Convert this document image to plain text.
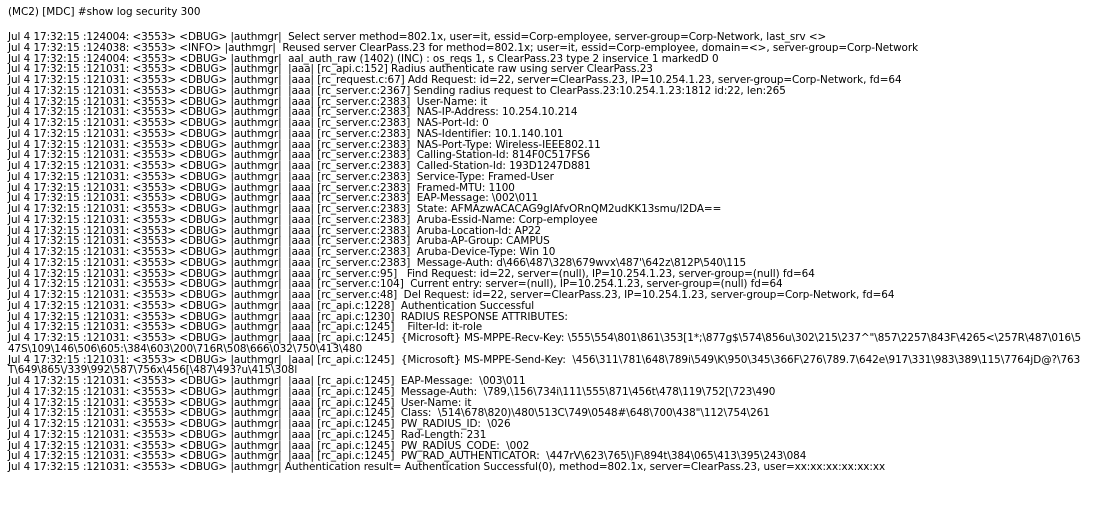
(MC2) [MDC] #show log security 300
Jul 4 17:32:15 :124004: <3553> <DBUG> |authmgr|  Select server method=802.1x, user=it, essid=Corp-employee, server-group=Corp-Network, last_srv <>
Jul 4 17:32:15 :124038: <3553> <INFO> |authmgr|  Reused server ClearPass.23 for method=802.1x; user=it, essid=Corp-employee, domain=<>, server-group=Corp-Network
Jul 4 17:32:15 :124004: <3553> <DBUG> |authmgr|  aal_auth_raw (1402) (INC) : os_reqs 1, s ClearPass.23 type 2 inservice 1 markedD 0
Jul 4 17:32:15 :121031: <3553> <DBUG> |authmgr|  |aaa| [rc_api.c:152] Radius authenticate raw using server ClearPass.23
Jul 4 17:32:15 :121031: <3553> <DBUG> |authmgr|  |aaa| [rc_request.c:67] Add Request: id=22, server=ClearPass.23, IP=10.254.1.23, server-group=Corp-Network, fd=64
Jul 4 17:32:15 :121031: <3553> <DBUG> |authmgr|  |aaa| [rc_server.c:2367] Sending radius request to ClearPass.23:10.254.1.23:1812 id:22, len:265
Jul 4 17:32:15 :121031: <3553> <DBUG> |authmgr|  |aaa| [rc_server.c:2383]  User-Name: it
Jul 4 17:32:15 :121031: <3553> <DBUG> |authmgr|  |aaa| [rc_server.c:2383]  NAS-IP-Address: 10.254.10.214
Jul 4 17:32:15 :121031: <3553> <DBUG> |authmgr|  |aaa| [rc_server.c:2383]  NAS-Port-Id: 0
Jul 4 17:32:15 :121031: <3553> <DBUG> |authmgr|  |aaa| [rc_server.c:2383]  NAS-Identifier: 10.1.140.101
Jul 4 17:32:15 :121031: <3553> <DBUG> |authmgr|  |aaa| [rc_server.c:2383]  NAS-Port-Type: Wireless-IEEE802.11
Jul 4 17:32:15 :121031: <3553> <DBUG> |authmgr|  |aaa| [rc_server.c:2383]  Calling-Station-Id: 814F0C517FS6
Jul 4 17:32:15 :121031: <3553> <DBUG> |authmgr|  |aaa| [rc_server.c:2383]  Called-Station-Id: 193D1247D881
Jul 4 17:32:15 :121031: <3553> <DBUG> |authmgr|  |aaa| [rc_server.c:2383]  Service-Type: Framed-User
Jul 4 17:32:15 :121031: <3553> <DBUG> |authmgr|  |aaa| [rc_server.c:2383]  Framed-MTU: 1100
Jul 4 17:32:15 :121031: <3553> <DBUG> |authmgr|  |aaa| [rc_server.c:2383]  EAP-Message: \002\011
Jul 4 17:32:15 :121031: <3553> <DBUG> |authmgr|  |aaa| [rc_server.c:2383]  State: AFMAzwACACAG9gIAfvORnQM2udKK13smu/l2DA==
Jul 4 17:32:15 :121031: <3553> <DBUG> |authmgr|  |aaa| [rc_server.c:2383]  Aruba-Essid-Name: Corp-employee
Jul 4 17:32:15 :121031: <3553> <DBUG> |authmgr|  |aaa| [rc_server.c:2383]  Aruba-Location-Id: AP22
Jul 4 17:32:15 :121031: <3553> <DBUG> |authmgr|  |aaa| [rc_server.c:2383]  Aruba-AP-Group: CAMPUS
Jul 4 17:32:15 :121031: <3553> <DBUG> |authmgr|  |aaa| [rc_server.c:2383]  Aruba-Device-Type: Win 10
Jul 4 17:32:15 :121031: <3553> <DBUG> |authmgr|  |aaa| [rc_server.c:2383]  Message-Auth: d\466\487\328\679wvx\487'\642z\812P\540\115
Jul 4 17:32:15 :121031: <3553> <DBUG> |authmgr|  |aaa| [rc_server.c:95]   Find Request: id=22, server=(null), IP=10.254.1.23, server-group=(null) fd=64
Jul 4 17:32:15 :121031: <3553> <DBUG> |authmgr|  |aaa| [rc_server.c:104]  Current entry: server=(null), IP=10.254.1.23, server-group=(null) fd=64
Jul 4 17:32:15 :121031: <3553> <DBUG> |authmgr|  |aaa| [rc_server.c:48]  Del Request: id=22, server=ClearPass.23, IP=10.254.1.23, server-group=Corp-Network, fd=64
Jul 4 17:32:15 :121031: <3553> <DBUG> |authmgr|  |aaa| [rc_api.c:1228]  Authentication Successful
Jul 4 17:32:15 :121031: <3553> <DBUG> |authmgr|  |aaa| [rc_api.c:1230]  RADIUS RESPONSE ATTRIBUTES:
Jul 4 17:32:15 :121031: <3553> <DBUG> |authmgr|  |aaa| [rc_api.c:1245]    Filter-Id: it-role
Jul 4 17:32:15 :121031: <3553> <DBUG> |authmgr|  |aaa| [rc_api.c:1245]  {Microsoft} MS-MPPE-Recv-Key: \555\554\801\861\353[1*;\877g$\574\856u\302\215\237^"\857\2257\843F\4265<\257R\487\016\547S\109\146\506\605:\384\603\200\716R\508\666\032\750\413\480
Jul 4 17:32:15 :121031: <3553> <DBUG> |authmgr|  |aaa| [rc_api.c:1245]  {Microsoft} MS-MPPE-Send-Key:  \456\311\781\648\789i\549\K\950\345\366F\276\789.7\642e\917\331\983\389\115\7764jD@?\763T\649\865\/339\992\587\756x\456[\487\493?u\415\308l
Jul 4 17:32:15 :121031: <3553> <DBUG> |authmgr|  |aaa| [rc_api.c:1245]  EAP-Message:  \003\011
Jul 4 17:32:15 :121031: <3553> <DBUG> |authmgr|  |aaa| [rc_api.c:1245]  Message-Auth:  \789,\156\734i\111\555\871\456t\478\119\752[\723\490
Jul 4 17:32:15 :121031: <3553> <DBUG> |authmgr|  |aaa| [rc_api.c:1245]  User-Name: it
Jul 4 17:32:15 :121031: <3553> <DBUG> |authmgr|  |aaa| [rc_api.c:1245]  Class:  \514\678\820)\480\513C\749\0548#\648\700\438"\112\754\261
Jul 4 17:32:15 :121031: <3553> <DBUG> |authmgr|  |aaa| [rc_api.c:1245]  PW_RADIUS_ID:  \026
Jul 4 17:32:15 :121031: <3553> <DBUG> |authmgr|  |aaa| [rc_api.c:1245]  Rad-Length: 231
Jul 4 17:32:15 :121031: <3553> <DBUG> |authmgr|  |aaa| [rc_api.c:1245]  PW_RADIUS_CODE:  \002
Jul 4 17:32:15 :121031: <3553> <DBUG> |authmgr|  |aaa| [rc_api.c:1245]  PW_RAD_AUTHENTICATOR:  \447rV\623\765\)F\894t\384\065\413\395\243\084
Jul 4 17:32:15 :121031: <3553> <DBUG> |authmgr| Authentication result= Authentication Successful(0), method=802.1x, server=ClearPass.23, user=xx:xx:xx:xx:xx:xx
